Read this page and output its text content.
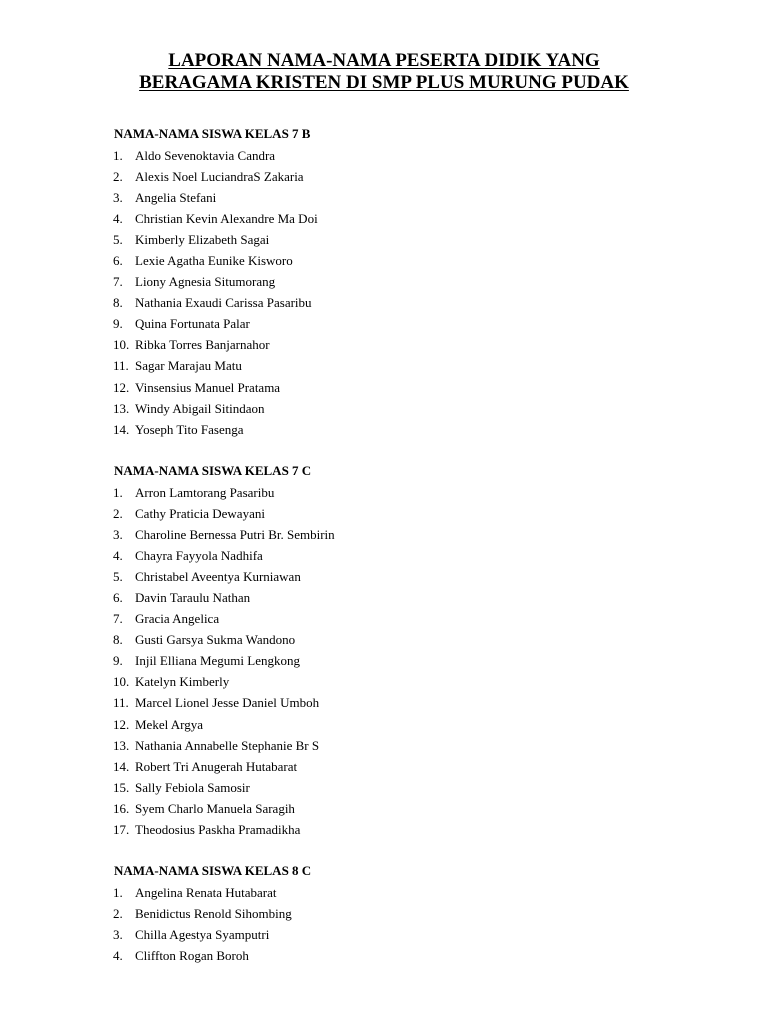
LAPORAN NAMA-NAMA PESERTA DIDIK YANG
BERAGAMA KRISTEN DI SMP PLUS MURUNG PUDAK
NAMA-NAMA SISWA KELAS 7 B
1. Aldo Sevenoktavia Candra
2. Alexis Noel LuciandraS Zakaria
3. Angelia Stefani
4. Christian Kevin Alexandre Ma Doi
5. Kimberly Elizabeth Sagai
6. Lexie Agatha Eunike Kisworo
7. Liony Agnesia Situmorang
8. Nathania Exaudi Carissa Pasaribu
9. Quina Fortunata Palar
10. Ribka Torres Banjarnahor
11. Sagar Marajau Matu
12. Vinsensius Manuel Pratama
13. Windy Abigail Sitindaon
14. Yoseph Tito Fasenga
NAMA-NAMA SISWA KELAS 7 C
1. Arron Lamtorang Pasaribu
2. Cathy Praticia Dewayani
3. Charoline Bernessa Putri Br. Sembirin
4. Chayra Fayyola Nadhifa
5. Christabel Aveentya Kurniawan
6. Davin Taraulu Nathan
7. Gracia Angelica
8. Gusti Garsya Sukma Wandono
9. Injil Elliana Megumi Lengkong
10. Katelyn Kimberly
11. Marcel Lionel Jesse Daniel Umboh
12. Mekel Argya
13. Nathania Annabelle Stephanie Br S
14. Robert Tri Anugerah Hutabarat
15. Sally Febiola Samosir
16. Syem Charlo Manuela Saragih
17. Theodosius Paskha Pramadikha
NAMA-NAMA SISWA KELAS 8 C
1. Angelina Renata Hutabarat
2. Benidictus Renold Sihombing
3. Chilla Agestya Syamputri
4. Cliffton Rogan Boroh
